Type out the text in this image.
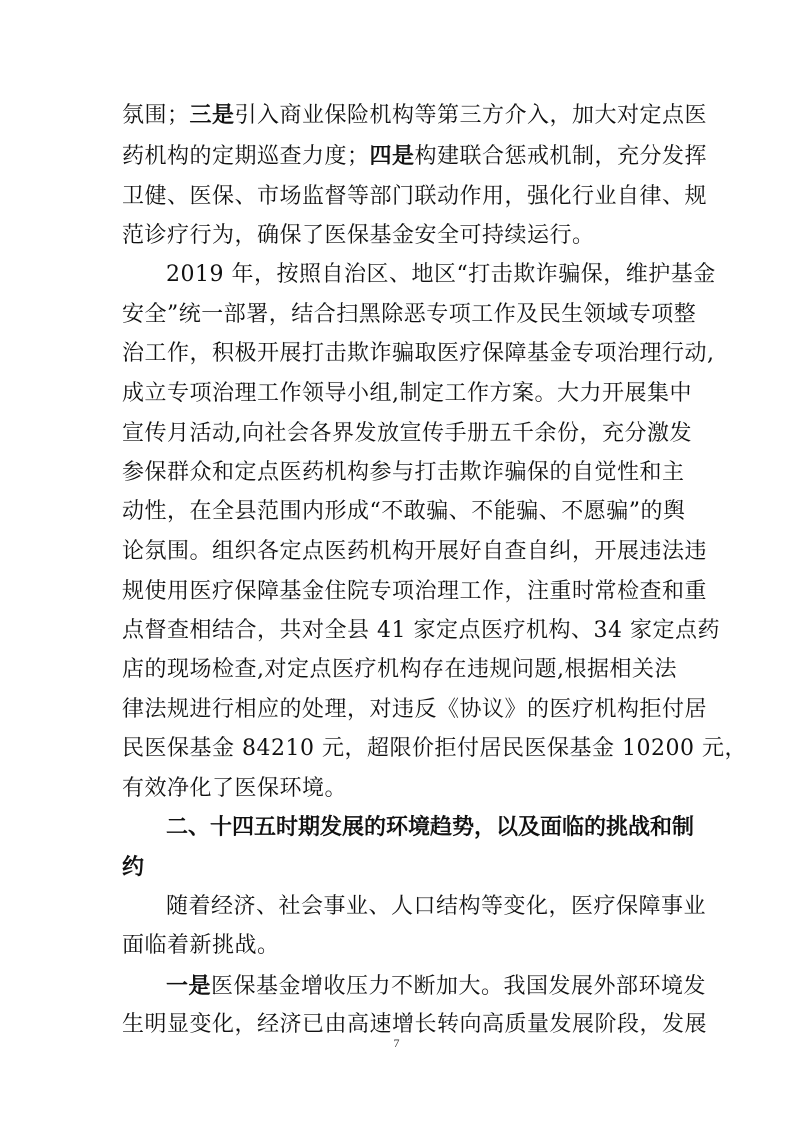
氛围；三是引入商业保险机构等第三方介入，加大对定点医
药机构的定期巡查力度；四是构建联合惩戒机制，充分发挥
卫健、医保、市场监督等部门联动作用，强化行业自律、规
范诊疗行为，确保了医保基金安全可持续运行。
2019 年，按照自治区、地区“打击欺诈骗保，维护基金
安全”统一部署，结合扫黑除恶专项工作及民生领域专项整
治工作，积极开展打击欺诈骗取医疗保障基金专项治理行动,
成立专项治理工作领导小组,制定工作方案。大力开展集中
宣传月活动,向社会各界发放宣传手册五千余份，充分激发
参保群众和定点医药机构参与打击欺诈骗保的自觉性和主
动性，在全县范围内形成“不敢骗、不能骗、不愿骗”的舆
论氛围。组织各定点医药机构开展好自查自纠，开展违法违
规使用医疗保障基金住院专项治理工作，注重时常检查和重
点督查相结合，共对全县 41 家定点医疗机构、34 家定点药
店的现场检查,对定点医疗机构存在违规问题,根据相关法
律法规进行相应的处理，对违反《协议》的医疗机构拒付居
民医保基金 84210 元，超限价拒付居民医保基金 10200 元，
有效净化了医保环境。
二、十四五时期发展的环境趋势，以及面临的挑战和制
约
随着经济、社会事业、人口结构等变化，医疗保障事业
面临着新挑战。
一是医保基金增收压力不断加大。我国发展外部环境发
生明显变化，经济已由高速增长转向高质量发展阶段，发展
7
